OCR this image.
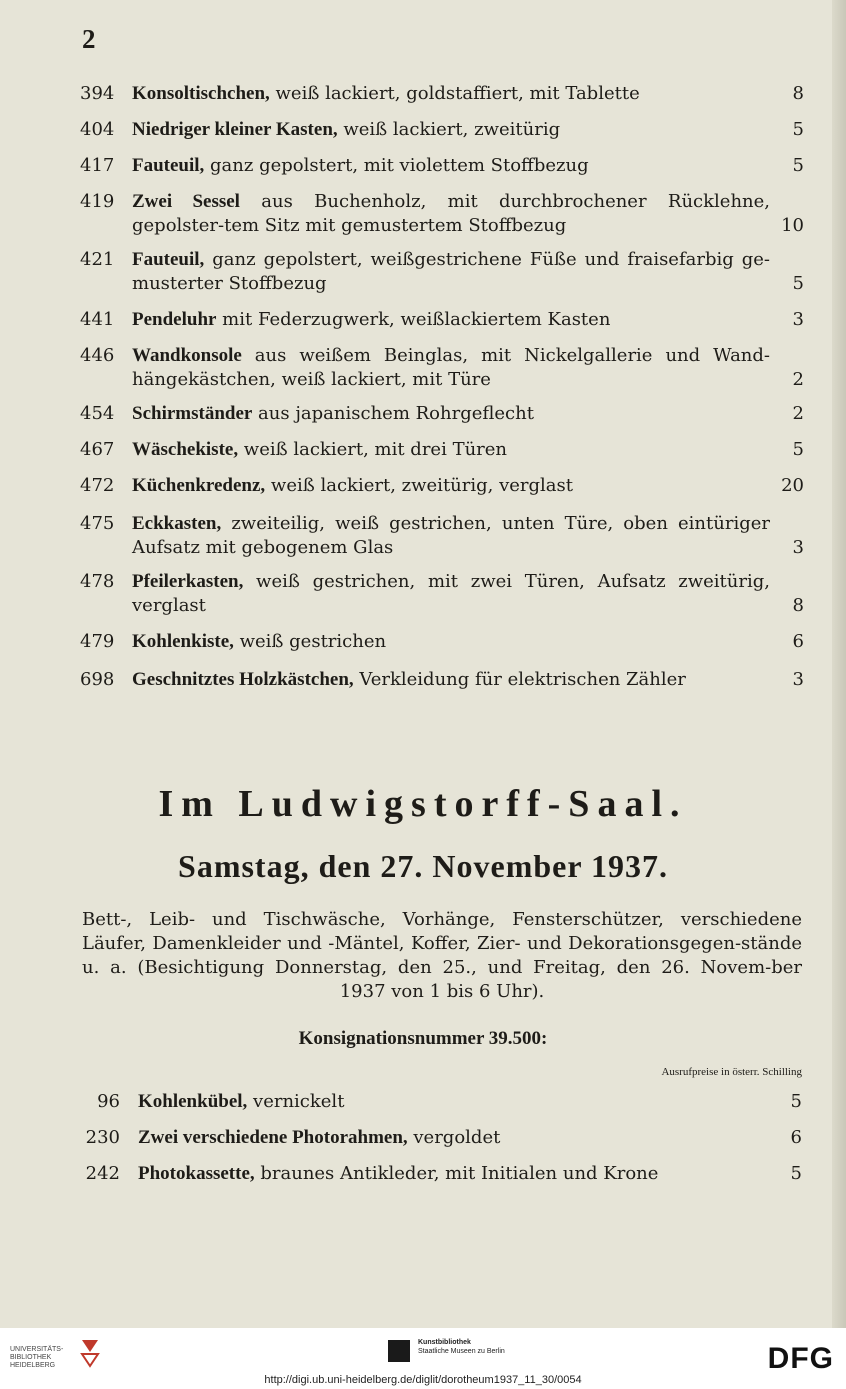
2
394 Konsoltischchen, weiß lackiert, goldstaffiert, mit Tablette	8
404 Niedriger kleiner Kasten, weiß lackiert, zweitürig	5
417 Fauteuil, ganz gepolstert, mit violettem Stoffbezug	5
419 Zwei Sessel aus Buchenholz, mit durchbrochener Rücklehne, gepolster-tem Sitz mit gemustertem Stoffbezug	10
421 Fauteuil, ganz gepolstert, weißgestrichene Füße und fraisefarbig ge-musterter Stoffbezug	5
441 Pendeluhr mit Federzugwerk, weißlackiertem Kasten	3
446 Wandkonsole aus weißem Beinglas, mit Nickelgallerie und Wand-hängekästchen, weiß lackiert, mit Türe	2
454 Schirmständer aus japanischem Rohrgeflecht	2
467 Wäschekiste, weiß lackiert, mit drei Türen	5
472 Küchenkredenz, weiß lackiert, zweitürig, verglast	20
475 Eckkasten, zweiteilig, weiß gestrichen, unten Türe, oben eintüriger Aufsatz mit gebogenem Glas	3
478 Pfeilerkasten, weiß gestrichen, mit zwei Türen, Aufsatz zweitürig, verglast	8
479 Kohlenkiste, weiß gestrichen	6
698 Geschnitztes Holzkästchen, Verkleidung für elektrischen Zähler	3
Im Ludwigstorff-Saal.
Samstag, den 27. November 1937.
Bett-, Leib- und Tischwäsche, Vorhänge, Fensterschützer, verschiedene Läufer, Damenkleider und -Mäntel, Koffer, Zier- und Dekorationsgegen-stände u. a. (Besichtigung Donnerstag, den 25., und Freitag, den 26. Novem-ber 1937 von 1 bis 6 Uhr).
Konsignationsnummer 39.500:
Ausrufpreise in österr. Schilling
96 Kohlenkübel, vernickelt	5
230 Zwei verschiedene Photorahmen, vergoldet	6
242 Photokassette, braunes Antikleder, mit Initialen und Krone	5
UNIVERSITÄTS-
BIBLIOTHEK
HEIDELBERG
Kunstbibliothek
Staatliche Museen zu Berlin	DFG
http://digi.ub.uni-heidelberg.de/diglit/dorotheum1937_11_30/0054
